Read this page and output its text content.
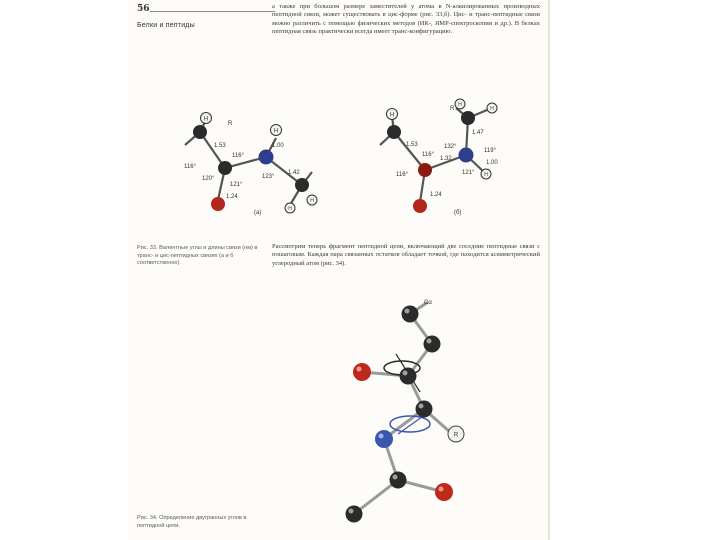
56
Белки и пептиды

а также при большом размере заместителей у атома в N-алкилированных производных пептидной связи, может существовать в цис-форме (рис. 33,б). Цис- и транс-пептидные связи можно различить с помощью физических методов (ИК-, ЯМР-спектроскопии и др.). В белках пептидная связь практически всегда имеет транс-конфигурацию.

Рассмотрим теперь фрагмент пептидной цепи, включающий две соседние пептидные связи с пошаговым. Каждая пара связанных остатков обладает точкой, где находится асимметрический углеродный атом (рис. 34).

Рис. 33. Валентные углы и длины связи (нм) в транс- и цис-пептидных связях (а и б соответственно).

Рис. 34. Определение двугранных углов в пептидной цепи.

H
R
H
H
H
1.53
116°
1.00
116°
1.42
120°
121°
123°
1.24
(а)
H
R
H
H
H
1.53
1.47
116°
132°
1.32
119°
1.00
121°
116°
1.24
(б)
Cα
R
